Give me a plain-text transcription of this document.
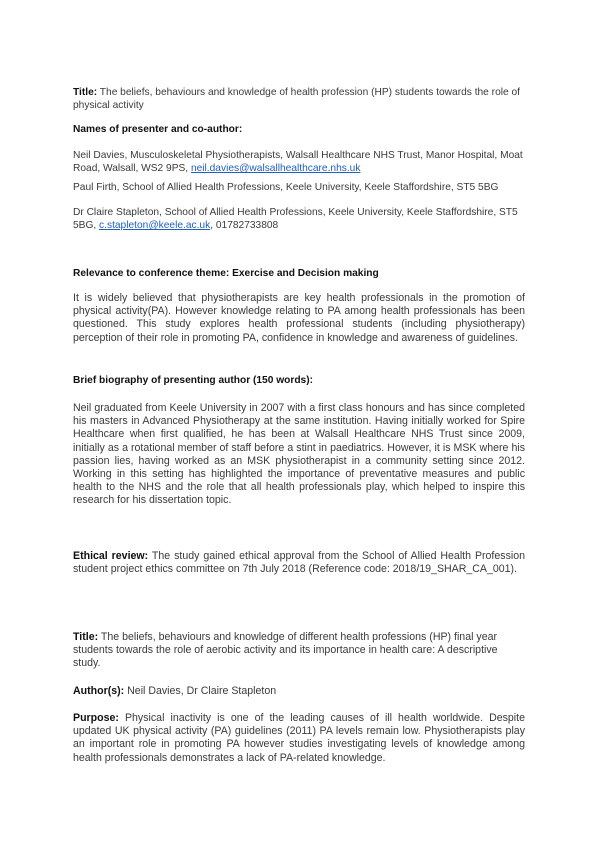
Title: The beliefs, behaviours and knowledge of health profession (HP) students towards the role of physical activity
Names of presenter and co-author:
Neil Davies, Musculoskeletal Physiotherapists, Walsall Healthcare NHS Trust, Manor Hospital, Moat Road, Walsall, WS2 9PS, neil.davies@walsallhealthcare.nhs.uk
Paul Firth, School of Allied Health Professions, Keele University, Keele Staffordshire, ST5 5BG
Dr Claire Stapleton, School of Allied Health Professions, Keele University, Keele Staffordshire, ST5 5BG, c.stapleton@keele.ac.uk, 01782733808
Relevance to conference theme: Exercise and Decision making
It is widely believed that physiotherapists are key health professionals in the promotion of physical activity(PA). However knowledge relating to PA among health professionals has been questioned. This study explores health professional students (including physiotherapy) perception of their role in promoting PA, confidence in knowledge and awareness of guidelines.
Brief biography of presenting author (150 words):
Neil graduated from Keele University in 2007 with a first class honours and has since completed his masters in Advanced Physiotherapy at the same institution. Having initially worked for Spire Healthcare when first qualified, he has been at Walsall Healthcare NHS Trust since 2009, initially as a rotational member of staff before a stint in paediatrics. However, it is MSK where his passion lies, having worked as an MSK physiotherapist in a community setting since 2012. Working in this setting has highlighted the importance of preventative measures and public health to the NHS and the role that all health professionals play, which helped to inspire this research for his dissertation topic.
Ethical review: The study gained ethical approval from the School of Allied Health Profession student project ethics committee on 7th July 2018 (Reference code: 2018/19_SHAR_CA_001).
Title: The beliefs, behaviours and knowledge of different health professions (HP) final year students towards the role of aerobic activity and its importance in health care: A descriptive study.
Author(s): Neil Davies, Dr Claire Stapleton
Purpose: Physical inactivity is one of the leading causes of ill health worldwide. Despite updated UK physical activity (PA) guidelines (2011) PA levels remain low. Physiotherapists play an important role in promoting PA however studies investigating levels of knowledge among health professionals demonstrates a lack of PA-related knowledge.
